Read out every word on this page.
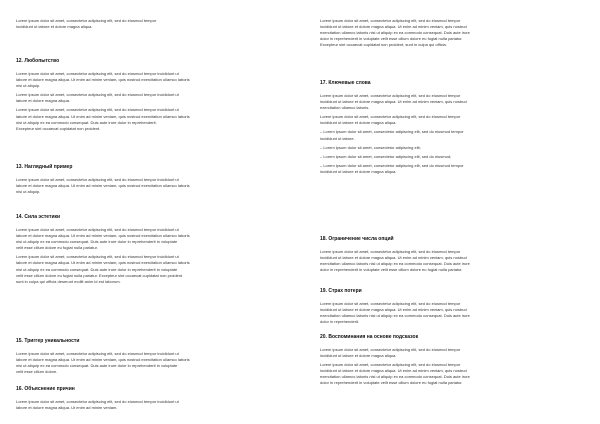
Lorem ipsum dolor sit amet, consectetur adipiscing elit, sed do eiusmod tempor
incididunt ut labore et dolore magna aliqua.

12. Любопытство

Lorem ipsum dolor sit amet, consectetur adipiscing elit, sed do eiusmod tempor incididunt ut
labore et dolore magna aliqua. Ut enim ad minim veniam, quis nostrud exercitation ullamco laboris
nisi ut aliquip.

Lorem ipsum dolor sit amet, consectetur adipiscing elit, sed do eiusmod tempor incididunt ut
labore et dolore magna aliqua.

Lorem ipsum dolor sit amet, consectetur adipiscing elit, sed do eiusmod tempor incididunt ut
labore et dolore magna aliqua. Ut enim ad minim veniam, quis nostrud exercitation ullamco laboris
nisi ut aliquip ex ea commodo consequat. Duis aute irure dolor in reprehenderit.
Excepteur sint occaecat cupidatat non proident.

13. Наглядный пример

Lorem ipsum dolor sit amet, consectetur adipiscing elit, sed do eiusmod tempor incididunt ut
labore et dolore magna aliqua. Ut enim ad minim veniam, quis nostrud exercitation ullamco laboris
nisi ut aliquip.

14. Сила эстетики

Lorem ipsum dolor sit amet, consectetur adipiscing elit, sed do eiusmod tempor incididunt ut
labore et dolore magna aliqua. Ut enim ad minim veniam, quis nostrud exercitation ullamco laboris
nisi ut aliquip ex ea commodo consequat. Duis aute irure dolor in reprehenderit in voluptate
velit esse cillum dolore eu fugiat nulla pariatur.

Lorem ipsum dolor sit amet, consectetur adipiscing elit, sed do eiusmod tempor incididunt ut
labore et dolore magna aliqua. Ut enim ad minim veniam, quis nostrud exercitation ullamco laboris
nisi ut aliquip ex ea commodo consequat. Duis aute irure dolor in reprehenderit in voluptate
velit esse cillum dolore eu fugiat nulla pariatur. Excepteur sint occaecat cupidatat non proident
sunt in culpa qui officia deserunt mollit anim id est laborum.

15. Триггер уникальности

Lorem ipsum dolor sit amet, consectetur adipiscing elit, sed do eiusmod tempor incididunt ut
labore et dolore magna aliqua. Ut enim ad minim veniam, quis nostrud exercitation ullamco laboris
nisi ut aliquip ex ea commodo consequat. Duis aute irure dolor in reprehenderit in voluptate
velit esse cillum dolore.

16. Объяснение причин

Lorem ipsum dolor sit amet, consectetur adipiscing elit, sed do eiusmod tempor incididunt ut
labore et dolore magna aliqua. Ut enim ad minim veniam.

Lorem ipsum dolor sit amet, consectetur adipiscing elit, sed do eiusmod tempor
incididunt ut labore et dolore magna aliqua. Ut enim ad minim veniam, quis nostrud
exercitation ullamco laboris nisi ut aliquip ex ea commodo consequat. Duis aute irure
dolor in reprehenderit in voluptate velit esse cillum dolore eu fugiat nulla pariatur.
Excepteur sint occaecat cupidatat non proident, sunt in culpa qui officia.

17. Ключевые слова

Lorem ipsum dolor sit amet, consectetur adipiscing elit, sed do eiusmod tempor
incididunt ut labore et dolore magna aliqua. Ut enim ad minim veniam, quis nostrud
exercitation ullamco laboris.

Lorem ipsum dolor sit amet, consectetur adipiscing elit, sed do eiusmod tempor
incididunt ut labore et dolore magna aliqua.

– Lorem ipsum dolor sit amet, consectetur adipiscing elit, sed do eiusmod tempor
incididunt ut labore.

– Lorem ipsum dolor sit amet, consectetur adipiscing elit;

– Lorem ipsum dolor sit amet, consectetur adipiscing elit, sed do eiusmod;

– Lorem ipsum dolor sit amet, consectetur adipiscing elit, sed do eiusmod tempor
incididunt ut labore et dolore magna aliqua.

18. Ограничение числа опций

Lorem ipsum dolor sit amet, consectetur adipiscing elit, sed do eiusmod tempor
incididunt ut labore et dolore magna aliqua. Ut enim ad minim veniam, quis nostrud
exercitation ullamco laboris nisi ut aliquip ex ea commodo consequat. Duis aute irure
dolor in reprehenderit in voluptate velit esse cillum dolore eu fugiat nulla pariatur.

19. Страх потери

Lorem ipsum dolor sit amet, consectetur adipiscing elit, sed do eiusmod tempor
incididunt ut labore et dolore magna aliqua. Ut enim ad minim veniam, quis nostrud
exercitation ullamco laboris nisi ut aliquip ex ea commodo consequat. Duis aute irure
dolor in reprehenderit.

20. Воспоминания на основе подсказок

Lorem ipsum dolor sit amet, consectetur adipiscing elit, sed do eiusmod tempor
incididunt ut labore et dolore magna aliqua.

Lorem ipsum dolor sit amet, consectetur adipiscing elit, sed do eiusmod tempor
incididunt ut labore et dolore magna aliqua. Ut enim ad minim veniam, quis nostrud
exercitation ullamco laboris nisi ut aliquip ex ea commodo consequat. Duis aute irure
dolor in reprehenderit in voluptate velit esse cillum dolore eu fugiat nulla pariatur.
